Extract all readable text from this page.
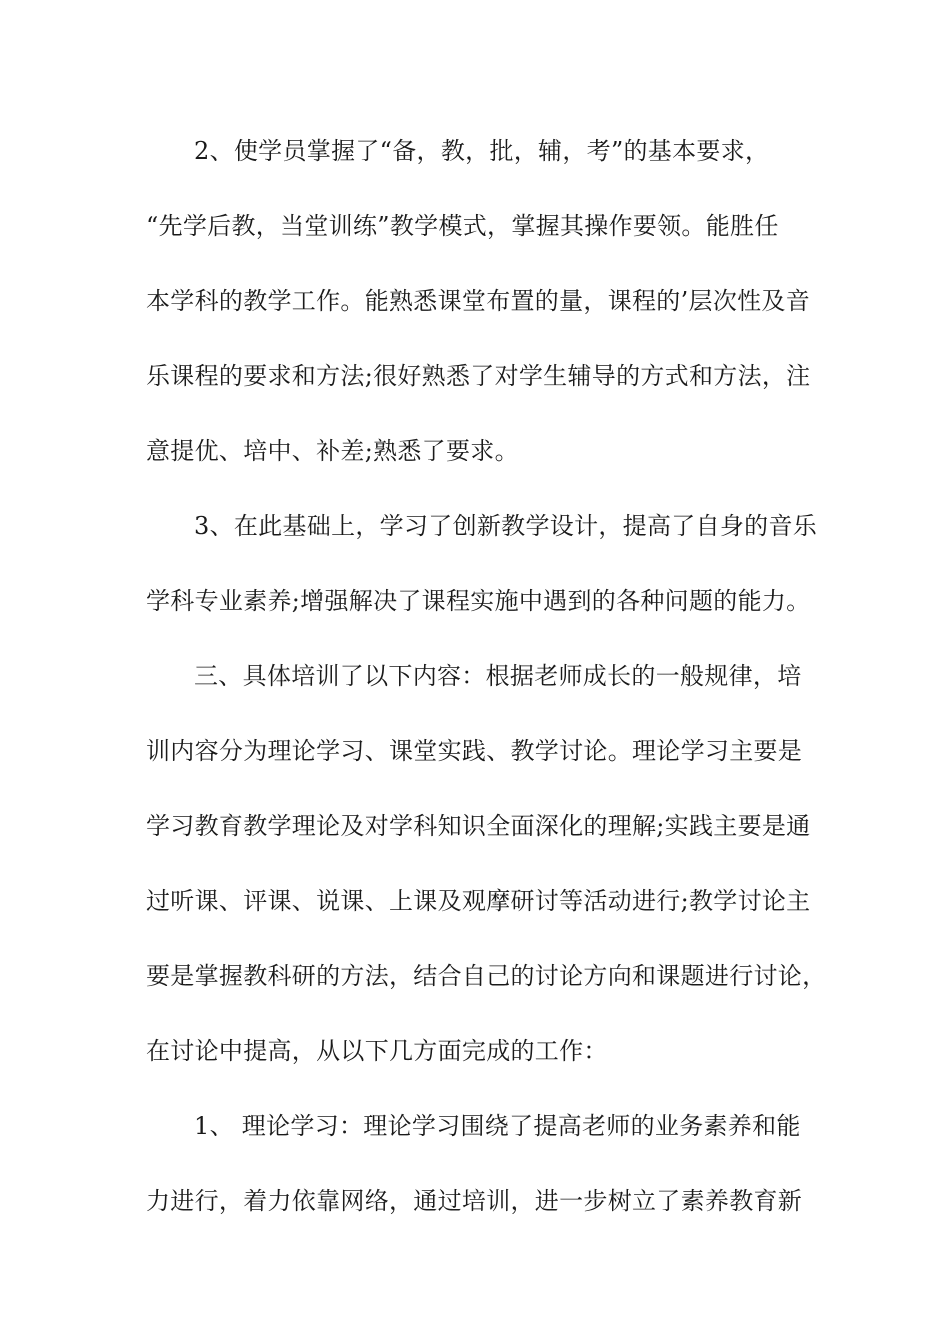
2、使学员掌握了“备，教，批，辅，考”的基本要求，
“先学后教，当堂训练”教学模式，掌握其操作要领。能胜任
本学科的教学工作。能熟悉课堂布置的量，课程的’层次性及音
乐课程的要求和方法;很好熟悉了对学生辅导的方式和方法，注
意提优、培中、补差;熟悉了要求。
3、在此基础上，学习了创新教学设计，提高了自身的音乐
学科专业素养;增强解决了课程实施中遇到的各种问题的能力。
三、具体培训了以下内容：根据老师成长的一般规律，培
训内容分为理论学习、课堂实践、教学讨论。理论学习主要是
学习教育教学理论及对学科知识全面深化的理解;实践主要是通
过听课、评课、说课、上课及观摩研讨等活动进行;教学讨论主
要是掌握教科研的方法，结合自己的讨论方向和课题进行讨论，
在讨论中提高，从以下几方面完成的工作：
1、 理论学习：理论学习围绕了提高老师的业务素养和能
力进行，着力依靠网络，通过培训，进一步树立了素养教育新
